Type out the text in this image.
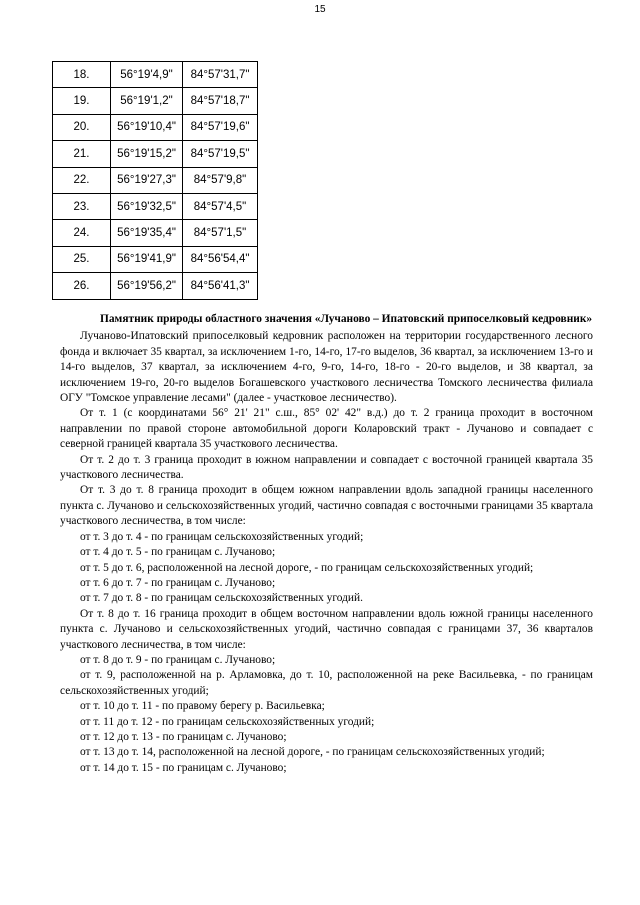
15
18.	56°19'4,9"	84°57'31,7"
19.	56°19'1,2"	84°57'18,7"
20.	56°19'10,4"	84°57'19,6"
21.	56°19'15,2"	84°57'19,5"
22.	56°19'27,3"	84°57'9,8"
23.	56°19'32,5"	84°57'4,5"
24.	56°19'35,4"	84°57'1,5"
25.	56°19'41,9"	84°56'54,4"
26.	56°19'56,2"	84°56'41,3"

Памятник природы областного значения «Лучаново – Ипатовский припоселковый кедровник»

Лучаново-Ипатовский припоселковый кедровник расположен на территории государственного лесного фонда и включает 35 квартал, за исключением 1-го, 14-го, 17-го выделов, 36 квартал, за исключением 13-го и 14-го выделов, 37 квартал, за исключением 4-го, 9-го, 14-го, 18-го - 20-го выделов, и 38 квартал, за исключением 19-го, 20-го выделов Богашевского участкового лесничества Томского лесничества филиала ОГУ "Томское управление лесами" (далее - участковое лесничество).

От т. 1 (с координатами 56° 21' 21" с.ш., 85° 02' 42" в.д.) до т. 2 граница проходит в восточном направлении по правой стороне автомобильной дороги Коларовский тракт - Лучаново и совпадает с северной границей квартала 35 участкового лесничества.

От т. 2 до т. 3 граница проходит в южном направлении и совпадает с восточной границей квартала 35 участкового лесничества.

От т. 3 до т. 8 граница проходит в общем южном направлении вдоль западной границы населенного пункта с. Лучаново и сельскохозяйственных угодий, частично совпадая с восточными границами 35 квартала участкового лесничества, в том числе:

от т. 3 до т. 4 - по границам сельскохозяйственных угодий;

от т. 4 до т. 5 - по границам с. Лучаново;

от т. 5 до т. 6, расположенной на лесной дороге, - по границам сельскохозяйственных угодий;

от т. 6 до т. 7 - по границам с. Лучаново;

от т. 7 до т. 8 - по границам сельскохозяйственных угодий.

От т. 8 до т. 16 граница проходит в общем восточном направлении вдоль южной границы населенного пункта с. Лучаново и сельскохозяйственных угодий, частично совпадая с границами 37, 36 кварталов участкового лесничества, в том числе:

от т. 8 до т. 9 - по границам с. Лучаново;

от т. 9, расположенной на р. Арламовка, до т. 10, расположенной на реке Васильевка, - по границам сельскохозяйственных угодий;

от т. 10 до т. 11 - по правому берегу р. Васильевка;

от т. 11 до т. 12 - по границам сельскохозяйственных угодий;

от т. 12 до т. 13 - по границам с. Лучаново;

от т. 13 до т. 14, расположенной на лесной дороге, - по границам сельскохозяйственных угодий;

от т. 14 до т. 15 - по границам с. Лучаново;
